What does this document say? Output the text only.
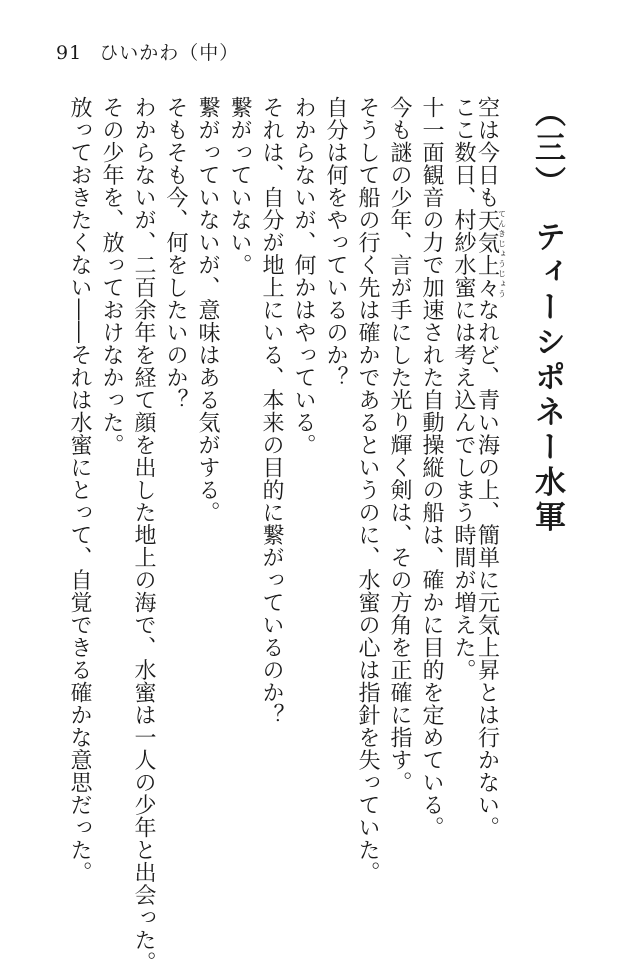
91 ひいかわ（中）
（三）　ティーシポネー水軍
空は今日も天気上々てんきじょうじょうなれど、青い海の上、簡単に元気上昇とは行かない。
ここ数日、村紗水蜜には考え込んでしまう時間が増えた。
十一面観音の力で加速された自動操縦の船は、確かに目的を定めている。
今も謎の少年、言が手にした光り輝く剣は、その方角を正確に指す。
そうして船の行く先は確かであるというのに、水蜜の心は指針を失っていた。
自分は何をやっているのか？
わからないが、何かはやっている。
それは、自分が地上にいる、本来の目的に繋がっているのか？
繋がっていない。
繋がっていないが、意味はある気がする。
そもそも今、何をしたいのか？
わからないが、二百余年を経て顔を出した地上の海で、水蜜は一人の少年と出会った。
その少年を、放っておけなかった。
放っておきたくない――それは水蜜にとって、自覚できる確かな意思だった。
